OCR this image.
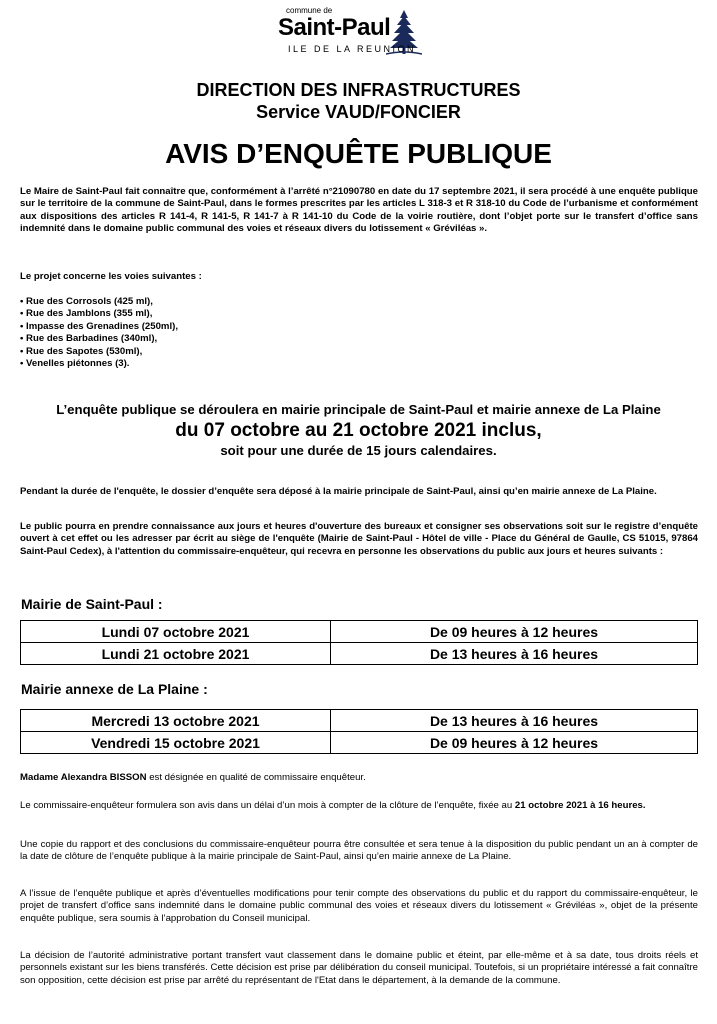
commune de
Saint-Paul
ILE DE LA REUNION
DIRECTION DES INFRASTRUCTURES
Service VAUD/FONCIER
AVIS D’ENQUÊTE PUBLIQUE
Le Maire de Saint-Paul fait connaître que, conformément à l’arrêté n°21090780 en date du 17 septembre 2021, il sera procédé à une enquête publique sur le territoire de la commune de Saint-Paul, dans le formes prescrites par les articles L 318-3 et R 318-10 du Code de l’urbanisme et conformément aux dispositions des articles R 141-4, R 141-5, R 141-7 à R 141-10 du Code de la voirie routière, dont l’objet porte sur le transfert d’office sans indemnité dans le domaine public communal des voies et réseaux divers du lotissement « Gréviléas ».
Le projet concerne les voies suivantes :
• Rue des Corrosols (425 ml),
• Rue des Jamblons (355 ml),
• Impasse des Grenadines (250ml),
• Rue des Barbadines (340ml),
• Rue des Sapotes (530ml),
• Venelles piétonnes (3).
L’enquête publique se déroulera en mairie principale de Saint-Paul et mairie annexe de La Plaine
du 07 octobre au 21 octobre 2021 inclus,
soit pour une durée de 15 jours calendaires.
Pendant la durée de l'enquête, le dossier d’enquête sera déposé à la mairie principale de Saint-Paul, ainsi qu’en mairie annexe de La Plaine.
Le public pourra en prendre connaissance aux jours et heures d'ouverture des bureaux et consigner ses observations soit sur le registre d’enquête ouvert à cet effet ou les adresser par écrit au siège de l'enquête (Mairie de Saint-Paul - Hôtel de ville - Place du Général de Gaulle, CS 51015, 97864 Saint-Paul Cedex), à l'attention du commissaire-enquêteur, qui recevra en personne les observations du public aux jours et heures suivants :
Mairie de Saint-Paul :
Lundi 07 octobre 2021	De 09 heures à 12 heures
Lundi 21 octobre 2021	De 13 heures à 16 heures
Mairie annexe de La Plaine :
Mercredi 13 octobre 2021	De 13 heures à 16 heures
Vendredi 15 octobre 2021	De 09 heures à 12 heures
Madame Alexandra BISSON est désignée en qualité de commissaire enquêteur.
Le commissaire-enquêteur formulera son avis dans un délai d’un mois à compter de la clôture de l’enquête, fixée au 21 octobre 2021 à 16 heures.
Une copie du rapport et des conclusions du commissaire-enquêteur pourra être consultée et sera tenue à la disposition du public pendant un an à compter de la date de clôture de l’enquête publique à la mairie principale de Saint-Paul, ainsi qu’en mairie annexe de La Plaine.
A l’issue de l’enquête publique et après d’éventuelles modifications pour tenir compte des observations du public et du rapport du commissaire-enquêteur, le projet de transfert d’office sans indemnité dans le domaine public communal des voies et réseaux divers du lotissement « Gréviléas », objet de la présente enquête publique, sera soumis à l’approbation du Conseil municipal.
La décision de l’autorité administrative portant transfert vaut classement dans le domaine public et éteint, par elle-même et à sa date, tous droits réels et personnels existant sur les biens transférés. Cette décision est prise par délibération du conseil municipal. Toutefois, si un propriétaire intéressé a fait connaître son opposition, cette décision est prise par arrêté du représentant de l'Etat dans le département, à la demande de la commune.
